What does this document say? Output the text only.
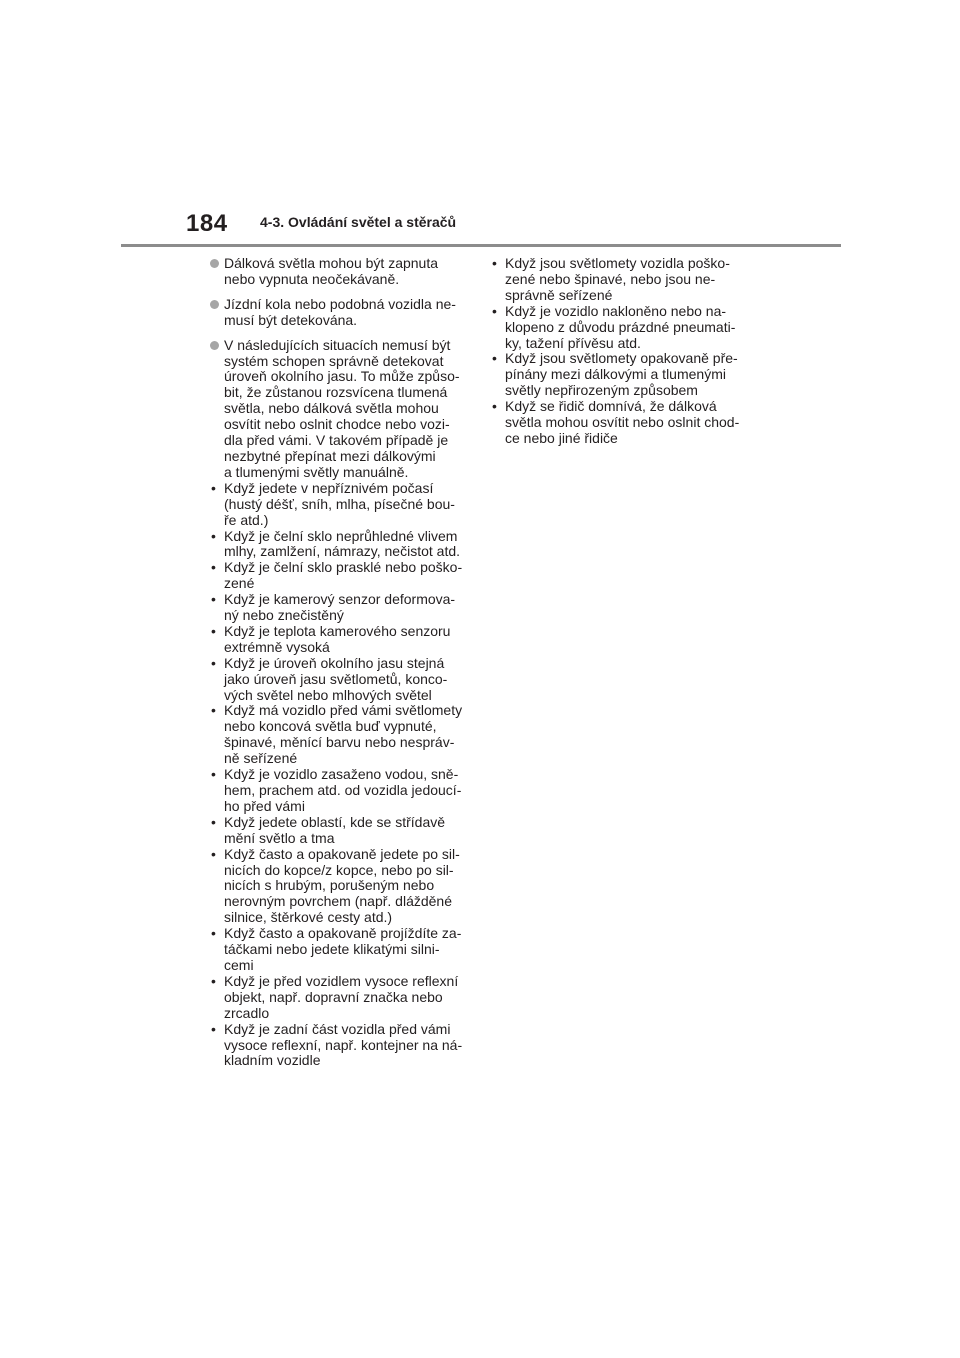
184 4-3. Ovládání světel a stěračů
Dálková světla mohou být zapnuta
nebo vypnuta neočekávaně.
Jízdní kola nebo podobná vozidla ne-
musí být detekována.
V následujících situacích nemusí být
systém schopen správně detekovat
úroveň okolního jasu. To může způso-
bit, že zůstanou rozsvícena tlumená
světla, nebo dálková světla mohou
osvítit nebo oslnit chodce nebo vozi-
dla před vámi. V takovém případě je
nezbytné přepínat mezi dálkovými
a tlumenými světly manuálně.
• Když jedete v nepříznivém počasí
(hustý déšť, sníh, mlha, písečné bou-
ře atd.)
• Když je čelní sklo neprůhledné vlivem
mlhy, zamlžení, námrazy, nečistot atd.
• Když je čelní sklo prasklé nebo poško-
zené
• Když je kamerový senzor deformova-
ný nebo znečistěný
• Když je teplota kamerového senzoru
extrémně vysoká
• Když je úroveň okolního jasu stejná
jako úroveň jasu světlometů, konco-
vých světel nebo mlhových světel
• Když má vozidlo před vámi světlomety
nebo koncová světla buď vypnuté,
špinavé, měnící barvu nebo nespráv-
ně seřízené
• Když je vozidlo zasaženo vodou, sně-
hem, prachem atd. od vozidla jedoucí-
ho před vámi
• Když jedete oblastí, kde se střídavě
mění světlo a tma
• Když často a opakovaně jedete po sil-
nicích do kopce/z kopce, nebo po sil-
nicích s hrubým, porušeným nebo
nerovným povrchem (např. dlážděné
silnice, štěrkové cesty atd.)
• Když často a opakovaně projíždíte za-
táčkami nebo jedete klikatými silni-
cemi
• Když je před vozidlem vysoce reflexní
objekt, např. dopravní značka nebo
zrcadlo
• Když je zadní část vozidla před vámi
vysoce reflexní, např. kontejner na ná-
kladním vozidle
• Když jsou světlomety vozidla poško-
zené nebo špinavé, nebo jsou ne-
správně seřízené
• Když je vozidlo nakloněno nebo na-
klopeno z důvodu prázdné pneumati-
ky, tažení přívěsu atd.
• Když jsou světlomety opakovaně pře-
pínány mezi dálkovými a tlumenými
světly nepřirozeným způsobem
• Když se řidič domnívá, že dálková
světla mohou osvítit nebo oslnit chod-
ce nebo jiné řidiče
